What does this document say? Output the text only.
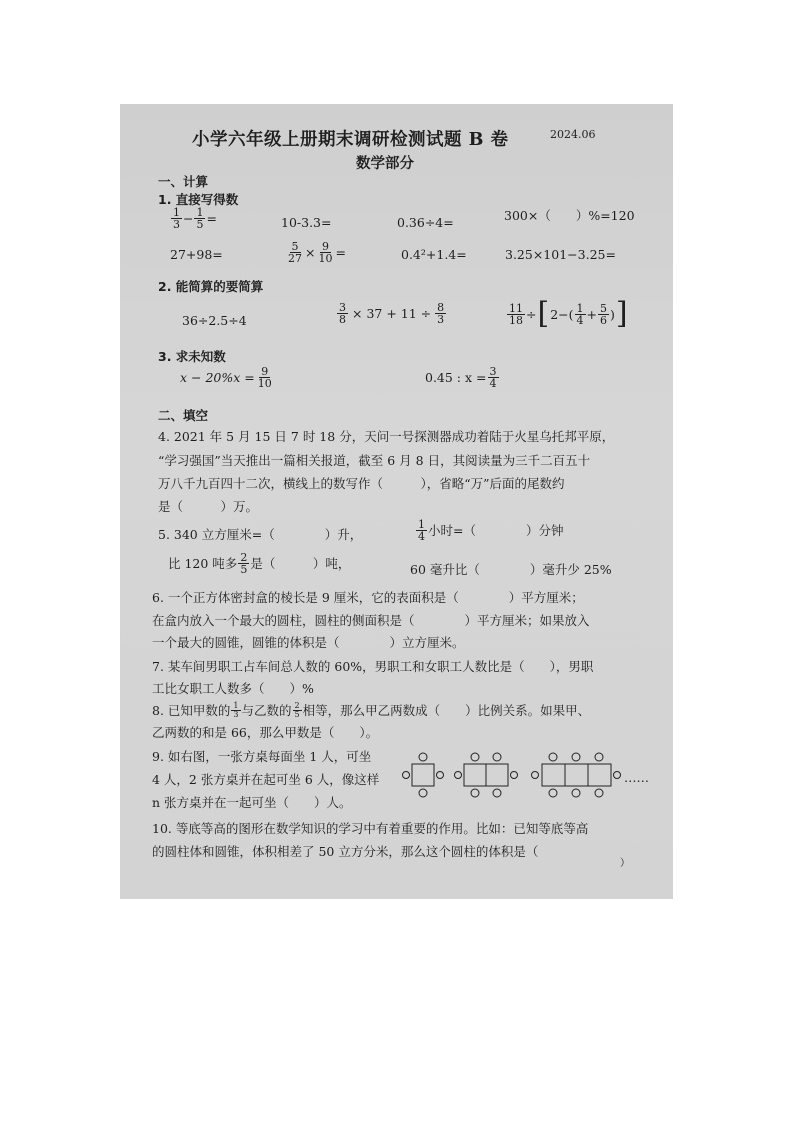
小学六年级上册期末调研检测试题 B 卷	2024.06
数学部分
一、计算
1. 直接写得数
$\frac{1}{3} - \frac{1}{5}$ =	10-3.3=	0.36÷4=	300×（　　）%=120
27+98=	$\frac{5}{27} \times \frac{9}{10}$ =	0.4²+1.4=	3.25×101−3.25=
2. 能简算的要简算
36÷2.5÷4	$\frac{3}{8} \times 37 + 11 \div \frac{8}{3}$	$\frac{11}{18}$ ÷ [ $2-( \frac{1}{4} + \frac{5}{6}$ ) ]
3. 求未知数
$x - 20\%x = \frac{9}{10}$	0.45 : $x = \frac{3}{4}$
二、填空
4. 2021 年 5 月 15 日 7 时 18 分，天问一号探测器成功着陆于火星乌托邦平原，
“学习强国”当天推出一篇相关报道，截至 6 月 8 日，其阅读量为三千二百五十
万八千九百四十二次，横线上的数写作（　　　），省略“万”后面的尾数约
是（　　　）万。
5. 340 立方厘米=（　　　　）升，	$\frac{1}{4}$ 小时=（　　　　）分钟
比 120 吨多 $\frac{2}{5}$ 是（　　　）吨，	60 毫升比（　　　　）毫升少 25%
6. 一个正方体密封盒的棱长是 9 厘米，它的表面积是（　　　　）平方厘米；
在盒内放入一个最大的圆柱，圆柱的侧面积是（　　　　）平方厘米；如果放入
一个最大的圆锥，圆锥的体积是（　　　　）立方厘米。
7. 某车间男职工占车间总人数的 60%，男职工和女职工人数比是（　　），男职
工比女职工人数多（　　）%
8. 已知甲数的 $\frac{1}{3}$ 与乙数的 $\frac{2}{5}$ 相等，那么甲乙两数成（　　）比例关系。如果甲、
乙两数的和是 66，那么甲数是（　　）。
9. 如右图，一张方桌每面坐 1 人，可坐
4 人，2 张方桌并在起可坐 6 人，像这样
n 张方桌并在一起可坐（　　）人。
……
10. 等底等高的图形在数学知识的学习中有着重要的作用。比如：已知等底等高
的圆柱体和圆锥，体积相差了 50 立方分米，那么这个圆柱的体积是（　　　
）
